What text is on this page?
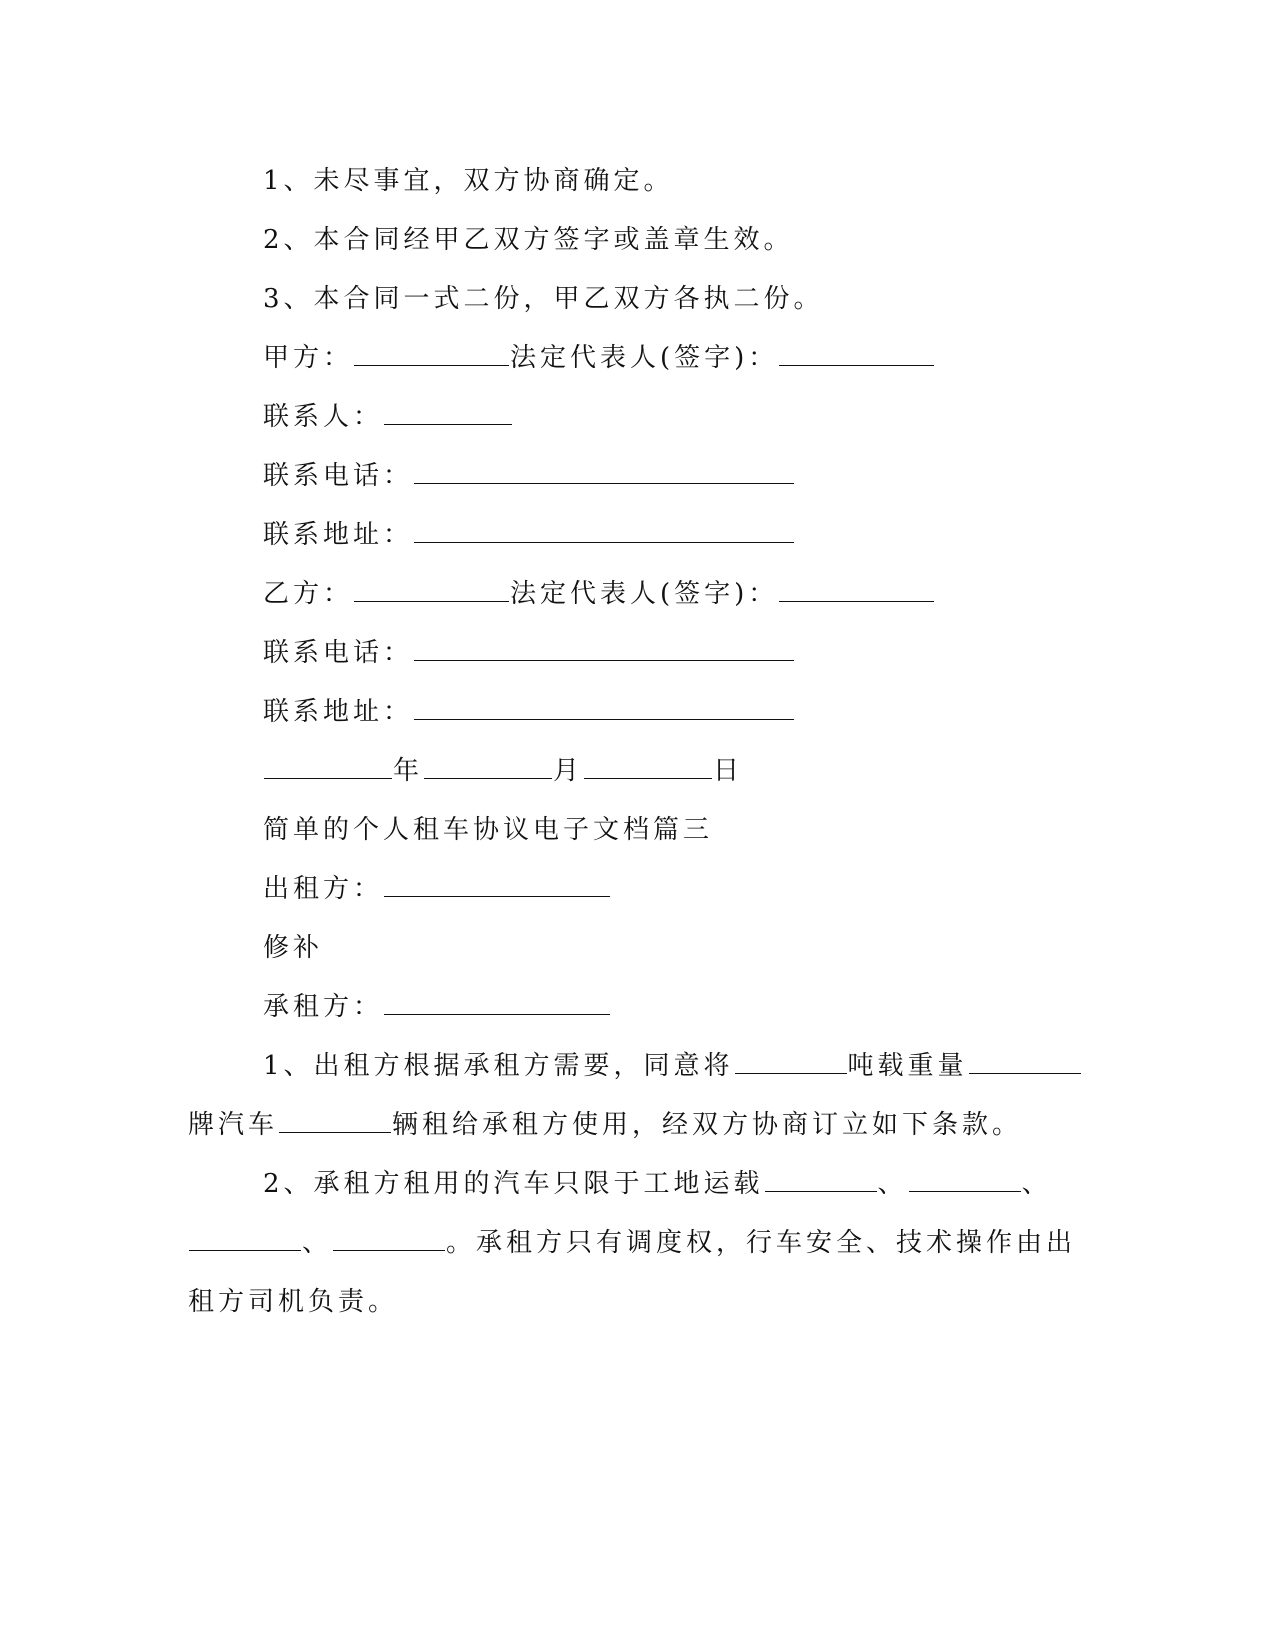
1、未尽事宜，双方协商确定。
2、本合同经甲乙双方签字或盖章生效。
3、本合同一式二份，甲乙双方各执二份。
甲方：	法定代表人(签字)：
联系人：
联系电话：
联系地址：
乙方：	法定代表人(签字)：
联系电话：
联系地址：
年	月	日
简单的个人租车协议电子文档篇三
出租方：
修补
承租方：
1、出租方根据承租方需要，同意将	吨载重量
牌汽车	辆租给承租方使用，经双方协商订立如下条款。
2、承租方租用的汽车只限于工地运载	、	、
、	。承租方只有调度权，行车安全、技术操作由出
租方司机负责。
